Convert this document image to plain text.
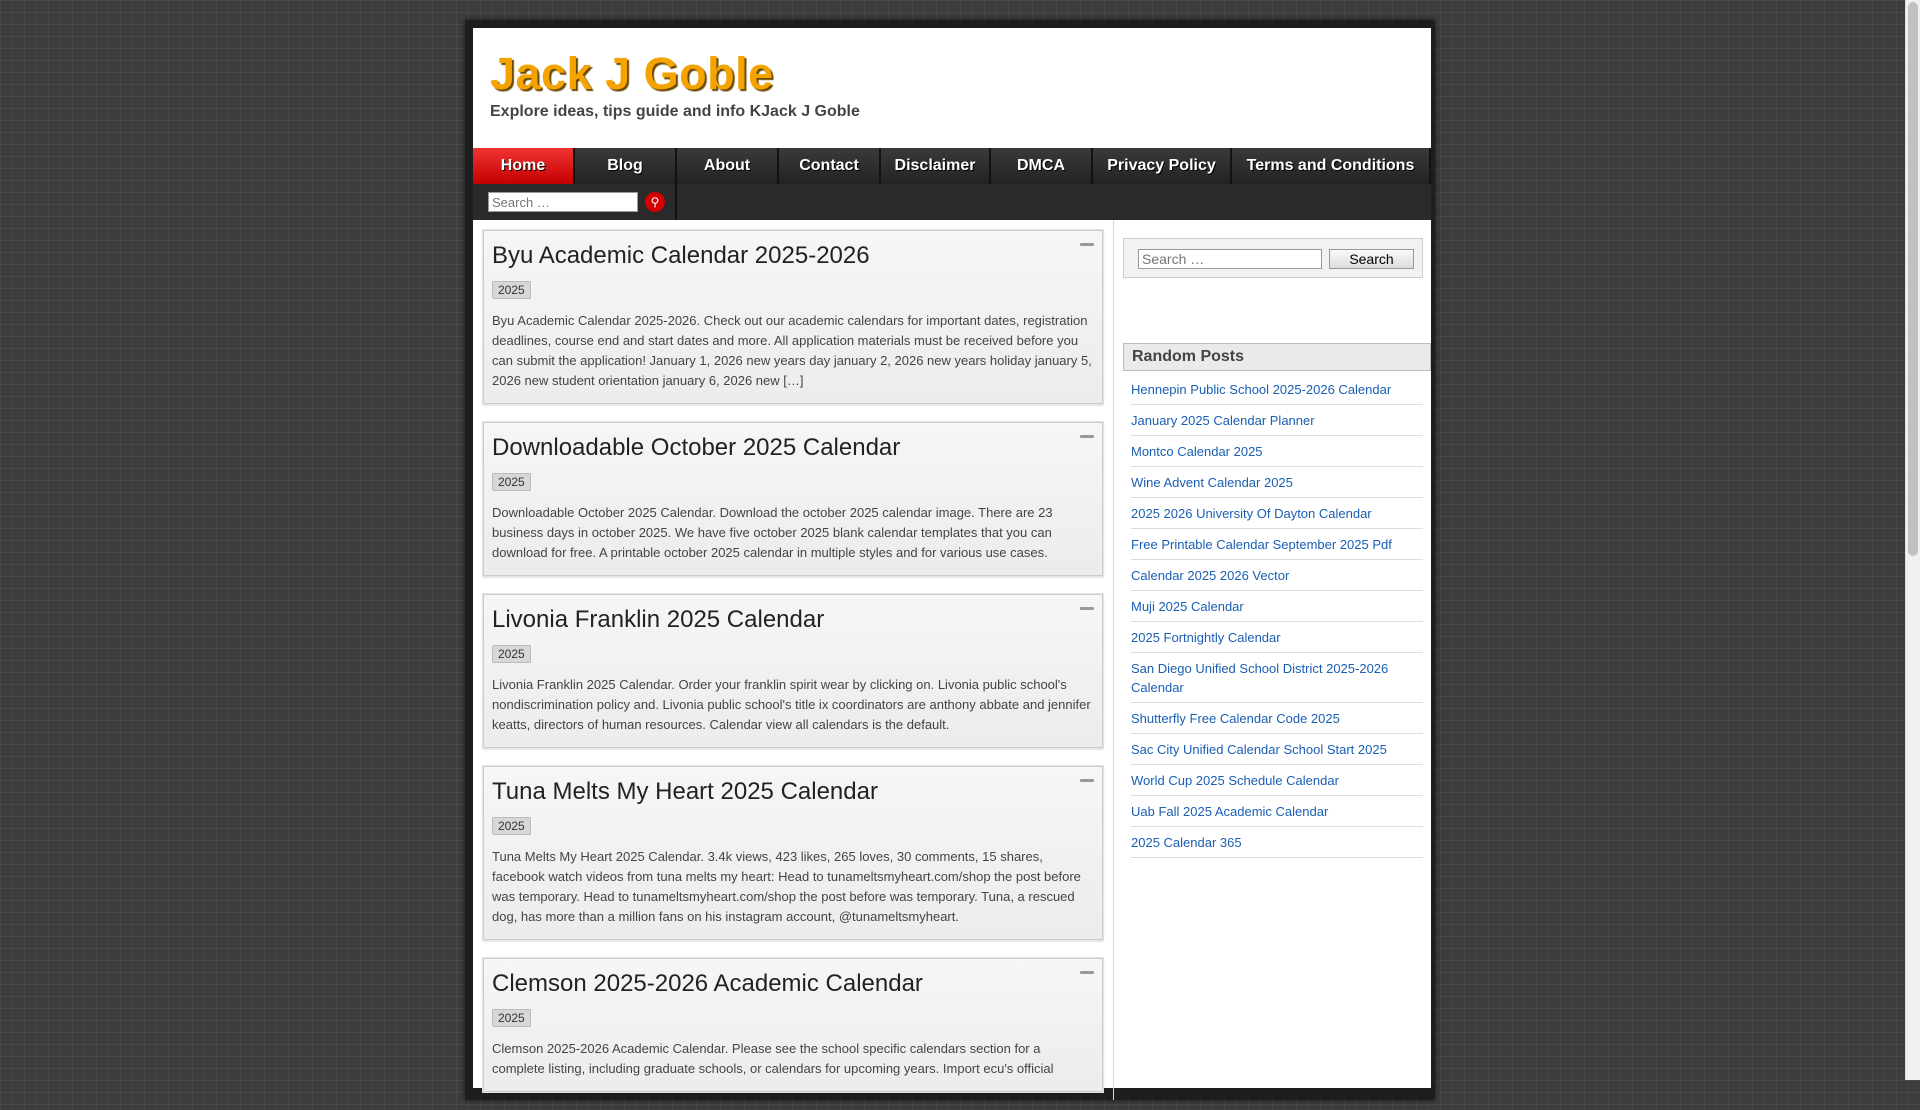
Jack J Goble
Explore ideas, tips guide and info KJack J Goble
Home	Blog	About	Contact	Disclaimer	DMCA	Privacy Policy	Terms and Conditions
Search …
⚲
Byu Academic Calendar 2025-2026
2025

Byu Academic Calendar 2025-2026. Check out our academic calendars for important dates, registration deadlines, course end and start dates and more. All application materials must be received before you can submit the application! January 1, 2026 new years day january 2, 2026 new years holiday january 5, 2026 new student orientation january 6, 2026 new […]

Downloadable October 2025 Calendar
2025

Downloadable October 2025 Calendar. Download the october 2025 calendar image. There are 23 business days in october 2025. We have five october 2025 blank calendar templates that you can download for free. A printable october 2025 calendar in multiple styles and for various use cases.

Livonia Franklin 2025 Calendar
2025

Livonia Franklin 2025 Calendar. Order your franklin spirit wear by clicking on. Livonia public school's nondiscrimination policy and. Livonia public school's title ix coordinators are anthony abbate and jennifer keatts, directors of human resources. Calendar view all calendars is the default.

Tuna Melts My Heart 2025 Calendar
2025

Tuna Melts My Heart 2025 Calendar. 3.4k views, 423 likes, 265 loves, 30 comments, 15 shares, facebook watch videos from tuna melts my heart: Head to tunameltsmyheart.com/shop the post before was temporary. Head to tunameltsmyheart.com/shop the post before was temporary. Tuna, a rescued dog, has more than a million fans on his instagram account, @tunameltsmyheart.

Clemson 2025-2026 Academic Calendar
2025

Clemson 2025-2026 Academic Calendar. Please see the school specific calendars section for a complete listing, including graduate schools, or calendars for upcoming years. Import ecu's official

Search …
Search
Random Posts
Hennepin Public School 2025-2026 Calendar
January 2025 Calendar Planner
Montco Calendar 2025
Wine Advent Calendar 2025
2025 2026 University Of Dayton Calendar
Free Printable Calendar September 2025 Pdf
Calendar 2025 2026 Vector
Muji 2025 Calendar
2025 Fortnightly Calendar
San Diego Unified School District 2025-2026 Calendar
Shutterfly Free Calendar Code 2025
Sac City Unified Calendar School Start 2025
World Cup 2025 Schedule Calendar
Uab Fall 2025 Academic Calendar
2025 Calendar 365
